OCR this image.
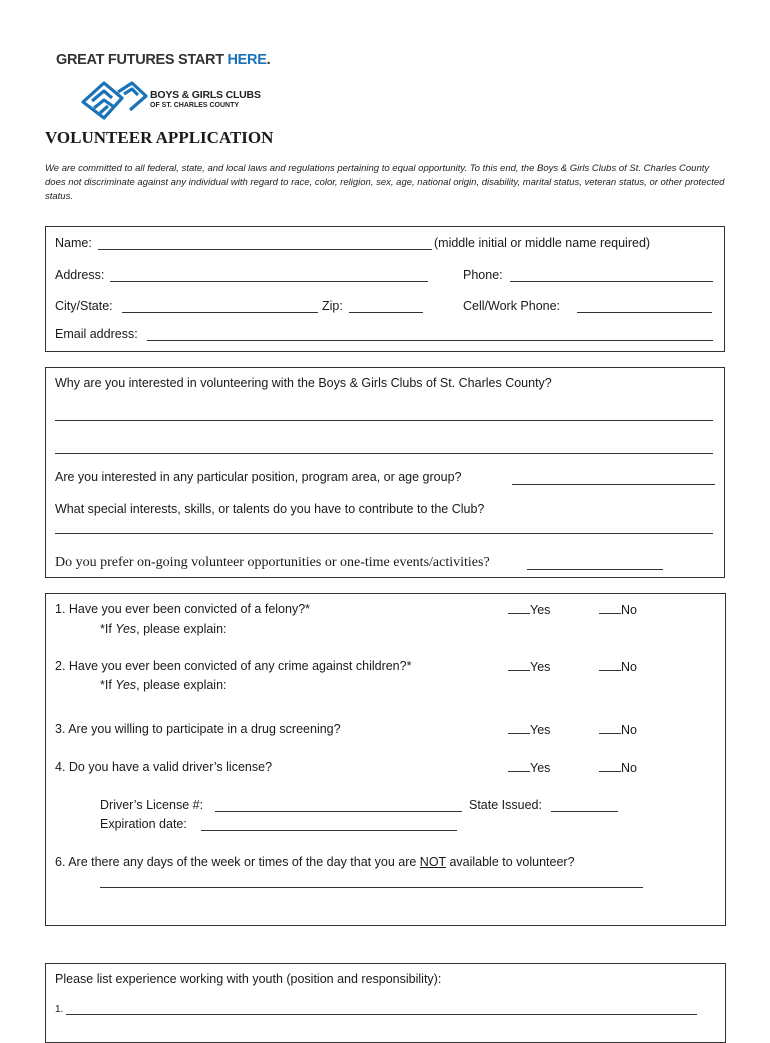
GREAT FUTURES START HERE.
BOYS & GIRLS CLUBS
OF ST. CHARLES COUNTY
VOLUNTEER APPLICATION
We are committed to all federal, state, and local laws and regulations pertaining to equal opportunity. To this end, the Boys & Girls Clubs of St. Charles County does not discriminate against any individual with regard to race, color, religion, sex, age, national origin, disability, marital status, veteran status, or other protected status.
Name:	(middle initial or middle name required)
Address:	Phone:
City/State:	Zip:	Cell/Work Phone:
Email address:
Why are you interested in volunteering with the Boys & Girls Clubs of St. Charles County?
Are you interested in any particular position, program area, or age group?
What special interests, skills, or talents do you have to contribute to the Club?
Do you prefer on-going volunteer opportunities or one-time events/activities?
1. Have you ever been convicted of a felony?*	Yes	No
*If Yes, please explain:
2. Have you ever been convicted of any crime against children?*	Yes	No
*If Yes, please explain:
3. Are you willing to participate in a drug screening?	Yes	No
4. Do you have a valid driver’s license?	Yes	No
Driver’s License #:	State Issued:
Expiration date:
6. Are there any days of the week or times of the day that you are NOT available to volunteer?
Please list experience working with youth (position and responsibility):
1.
